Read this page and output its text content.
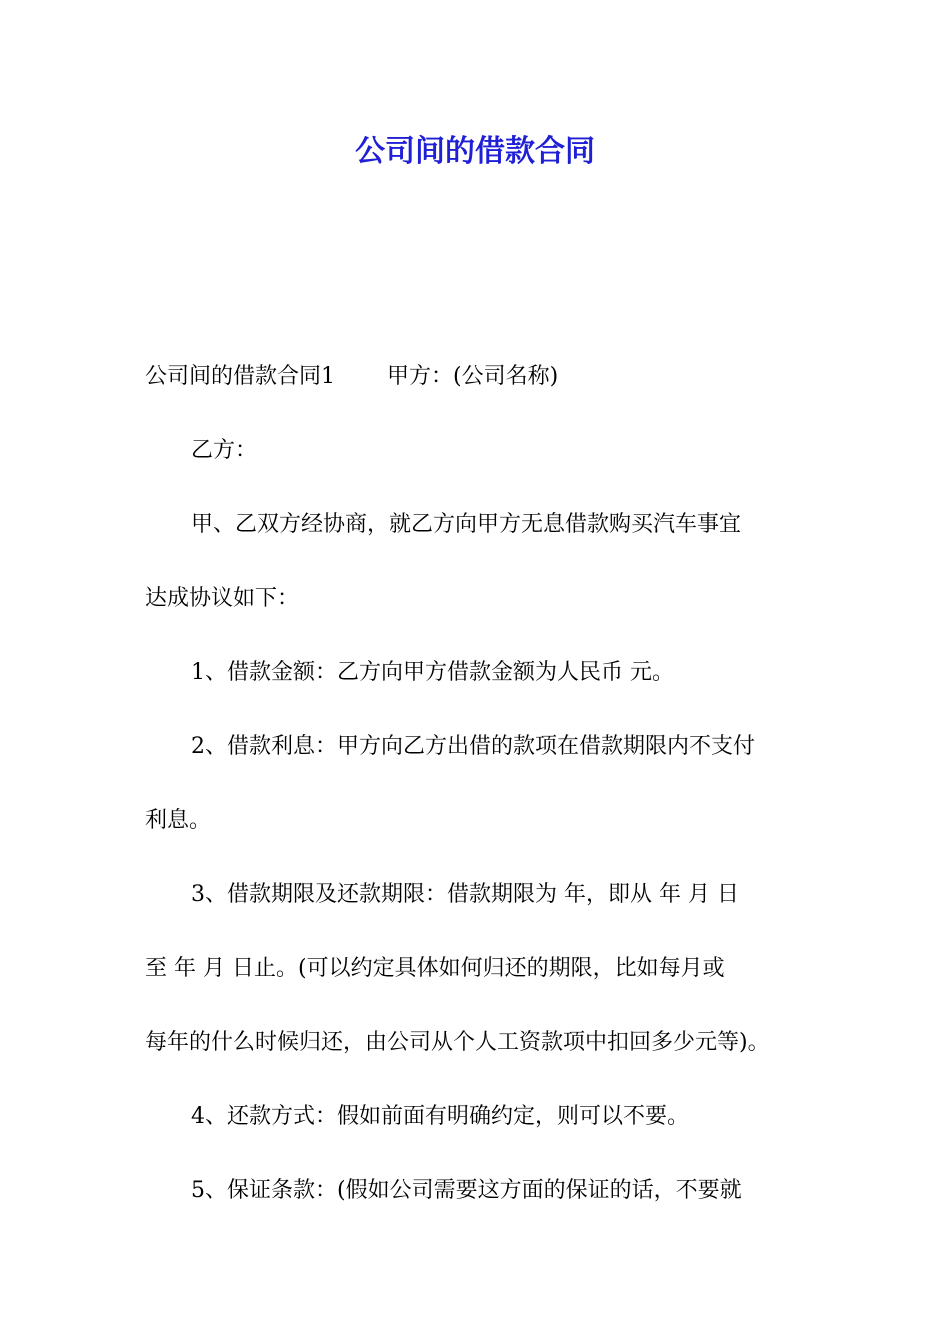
公司间的借款合同
公司间的借款合同1 甲方：(公司名称)
乙方：
甲、乙双方经协商，就乙方向甲方无息借款购买汽车事宜
达成协议如下：
1、借款金额：乙方向甲方借款金额为人民币 元。
2、借款利息：甲方向乙方出借的款项在借款期限内不支付
利息。
3、借款期限及还款期限：借款期限为 年，即从 年 月 日
至 年 月 日止。(可以约定具体如何归还的期限，比如每月或
每年的什么时候归还，由公司从个人工资款项中扣回多少元等)。
4、还款方式：假如前面有明确约定，则可以不要。
5、保证条款：(假如公司需要这方面的保证的话，不要就
